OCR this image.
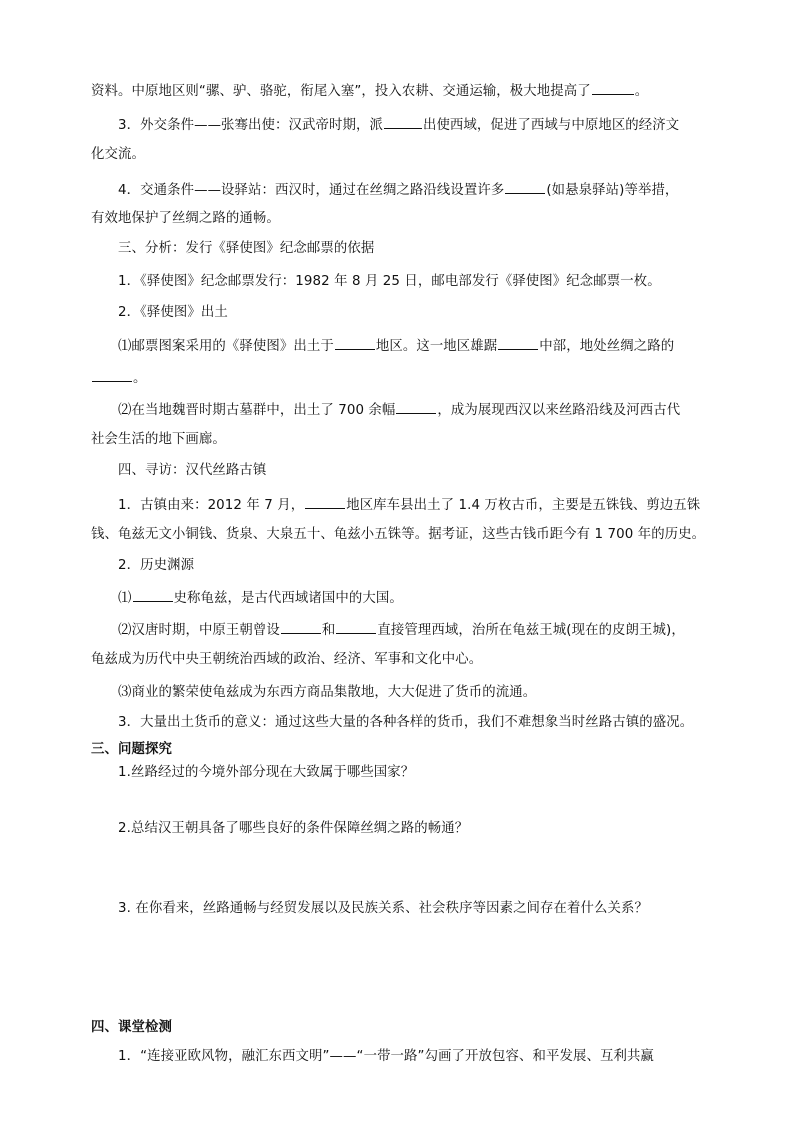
资料。中原地区则“骡、驴、骆驼，衔尾入塞”，投入农耕、交通运输，极大地提高了	。
3．外交条件——张骞出使：汉武帝时期，派	出使西域，促进了西域与中原地区的经济文
化交流。
4．交通条件——设驿站：西汉时，通过在丝绸之路沿线设置许多	(如悬泉驿站)等举措，
有效地保护了丝绸之路的通畅。
三、分析：发行《驿使图》纪念邮票的依据
1．《驿使图》纪念邮票发行：1982 年 8 月 25 日，邮电部发行《驿使图》纪念邮票一枚。
2．《驿使图》出土
⑴邮票图案采用的《驿使图》出土于	地区。这一地区雄踞	中部，地处丝绸之路的
。
⑵在当地魏晋时期古墓群中，出土了 700 余幅	，成为展现西汉以来丝路沿线及河西古代
社会生活的地下画廊。
四、寻访：汉代丝路古镇
1．古镇由来：2012 年 7 月，	地区库车县出土了 1.4 万枚古币，主要是五铢钱、剪边五铢
钱、龟兹无文小铜钱、货泉、大泉五十、龟兹小五铢等。据考证，这些古钱币距今有 1 700 年的历史。
2．历史渊源
⑴	史称龟兹，是古代西域诸国中的大国。
⑵汉唐时期，中原王朝曾设	和	直接管理西域，治所在龟兹王城(现在的皮朗王城)，
龟兹成为历代中央王朝统治西域的政治、经济、军事和文化中心。
⑶商业的繁荣使龟兹成为东西方商品集散地，大大促进了货币的流通。
3．大量出土货币的意义：通过这些大量的各种各样的货币，我们不难想象当时丝路古镇的盛况。
三、问题探究
1.丝路经过的今境外部分现在大致属于哪些国家？
2.总结汉王朝具备了哪些良好的条件保障丝绸之路的畅通？
3. 在你看来，丝路通畅与经贸发展以及民族关系、社会秩序等因素之间存在着什么关系？
四、课堂检测
1．“连接亚欧风物，融汇东西文明”——“一带一路”勾画了开放包容、和平发展、互利共赢
